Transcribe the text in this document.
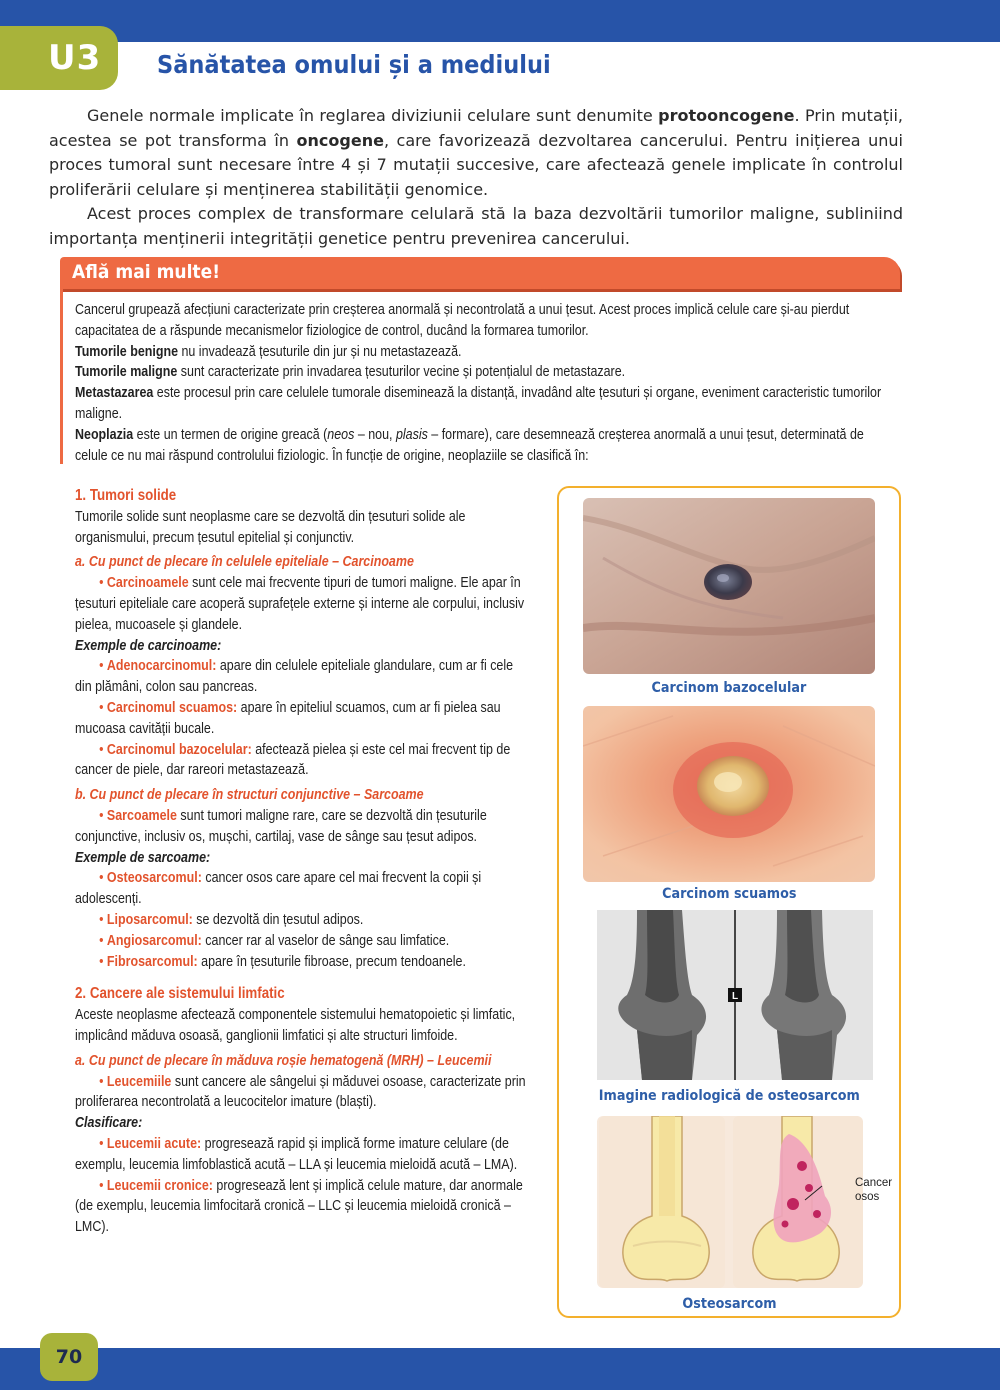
U3 Sănătatea omului și a mediului

Genele normale implicate în reglarea diviziunii celulare sunt denumite protooncogene. Prin mutații, acestea se pot transforma în oncogene, care favorizează dezvoltarea cancerului. Pentru inițierea unui proces tumoral sunt necesare între 4 și 7 mutații succesive, care afectează genele implicate în controlul proliferării celulare și menținerea stabilității genomice.

Acest proces complex de transformare celulară stă la baza dezvoltării tumorilor maligne, subliniind importanța menținerii integrității genetice pentru prevenirea cancerului.

Află mai multe!

Cancerul grupează afecțiuni caracterizate prin creșterea anormală și necontrolată a unui țesut. Acest proces implică celule care și-au pierdut capacitatea de a răspunde mecanismelor fiziologice de control, ducând la formarea tumorilor.

Tumorile benigne nu invadează țesuturile din jur și nu metastazează.

Tumorile maligne sunt caracterizate prin invadarea țesuturilor vecine și potențialul de metastazare.

Metastazarea este procesul prin care celulele tumorale diseminează la distanță, invadând alte țesuturi și organe, eveniment caracteristic tumorilor maligne.

Neoplazia este un termen de origine greacă (neos – nou, plasis – formare), care desemnează creșterea anormală a unui țesut, determinată de celule ce nu mai răspund controlului fiziologic. În funcție de origine, neoplaziile se clasifică în:

1. Tumori solide

Tumorile solide sunt neoplasme care se dezvoltă din țesuturi solide ale organismului, precum țesutul epitelial și conjunctiv.

a. Cu punct de plecare în celulele epiteliale – Carcinoame

• Carcinoamele sunt cele mai frecvente tipuri de tumori maligne. Ele apar în țesuturi epiteliale care acoperă suprafețele externe și interne ale corpului, inclusiv pielea, mucoasele și glandele.

Exemple de carcinoame:

• Adenocarcinomul: apare din celulele epiteliale glandulare, cum ar fi cele din plămâni, colon sau pancreas.

• Carcinomul scuamos: apare în epiteliul scuamos, cum ar fi pielea sau mucoasa cavității bucale.

• Carcinomul bazocelular: afectează pielea și este cel mai frecvent tip de cancer de piele, dar rareori metastazează.

b. Cu punct de plecare în structuri conjunctive – Sarcoame

• Sarcoamele sunt tumori maligne rare, care se dezvoltă din țesuturile conjunctive, inclusiv os, mușchi, cartilaj, vase de sânge sau țesut adipos.

Exemple de sarcoame:

• Osteosarcomul: cancer osos care apare cel mai frecvent la copii și adolescenți.

• Liposarcomul: se dezvoltă din țesutul adipos.

• Angiosarcomul: cancer rar al vaselor de sânge sau limfatice.

• Fibrosarcomul: apare în țesuturile fibroase, precum tendoanele.

2. Cancere ale sistemului limfatic

Aceste neoplasme afectează componentele sistemului hematopoietic și limfatic, implicând măduva osoasă, ganglionii limfatici și alte structuri limfoide.

a. Cu punct de plecare în măduva roșie hematogenă (MRH) – Leucemii

• Leucemiile sunt cancere ale sângelui și măduvei osoase, caracterizate prin proliferarea necontrolată a leucocitelor imature (blaști).

Clasificare:

• Leucemii acute: progresează rapid și implică forme imature celulare (de exemplu, leucemia limfoblastică acută – LLA și leucemia mieloidă acută – LMA).

• Leucemii cronice: progresează lent și implică celule mature, dar anormale (de exemplu, leucemia limfocitară cronică – LLC și leucemia mieloidă cronică – LMC).

Carcinom bazocelular
Carcinom scuamos
L
Imagine radiologică de osteosarcom
Cancer osos
Osteosarcom
70
